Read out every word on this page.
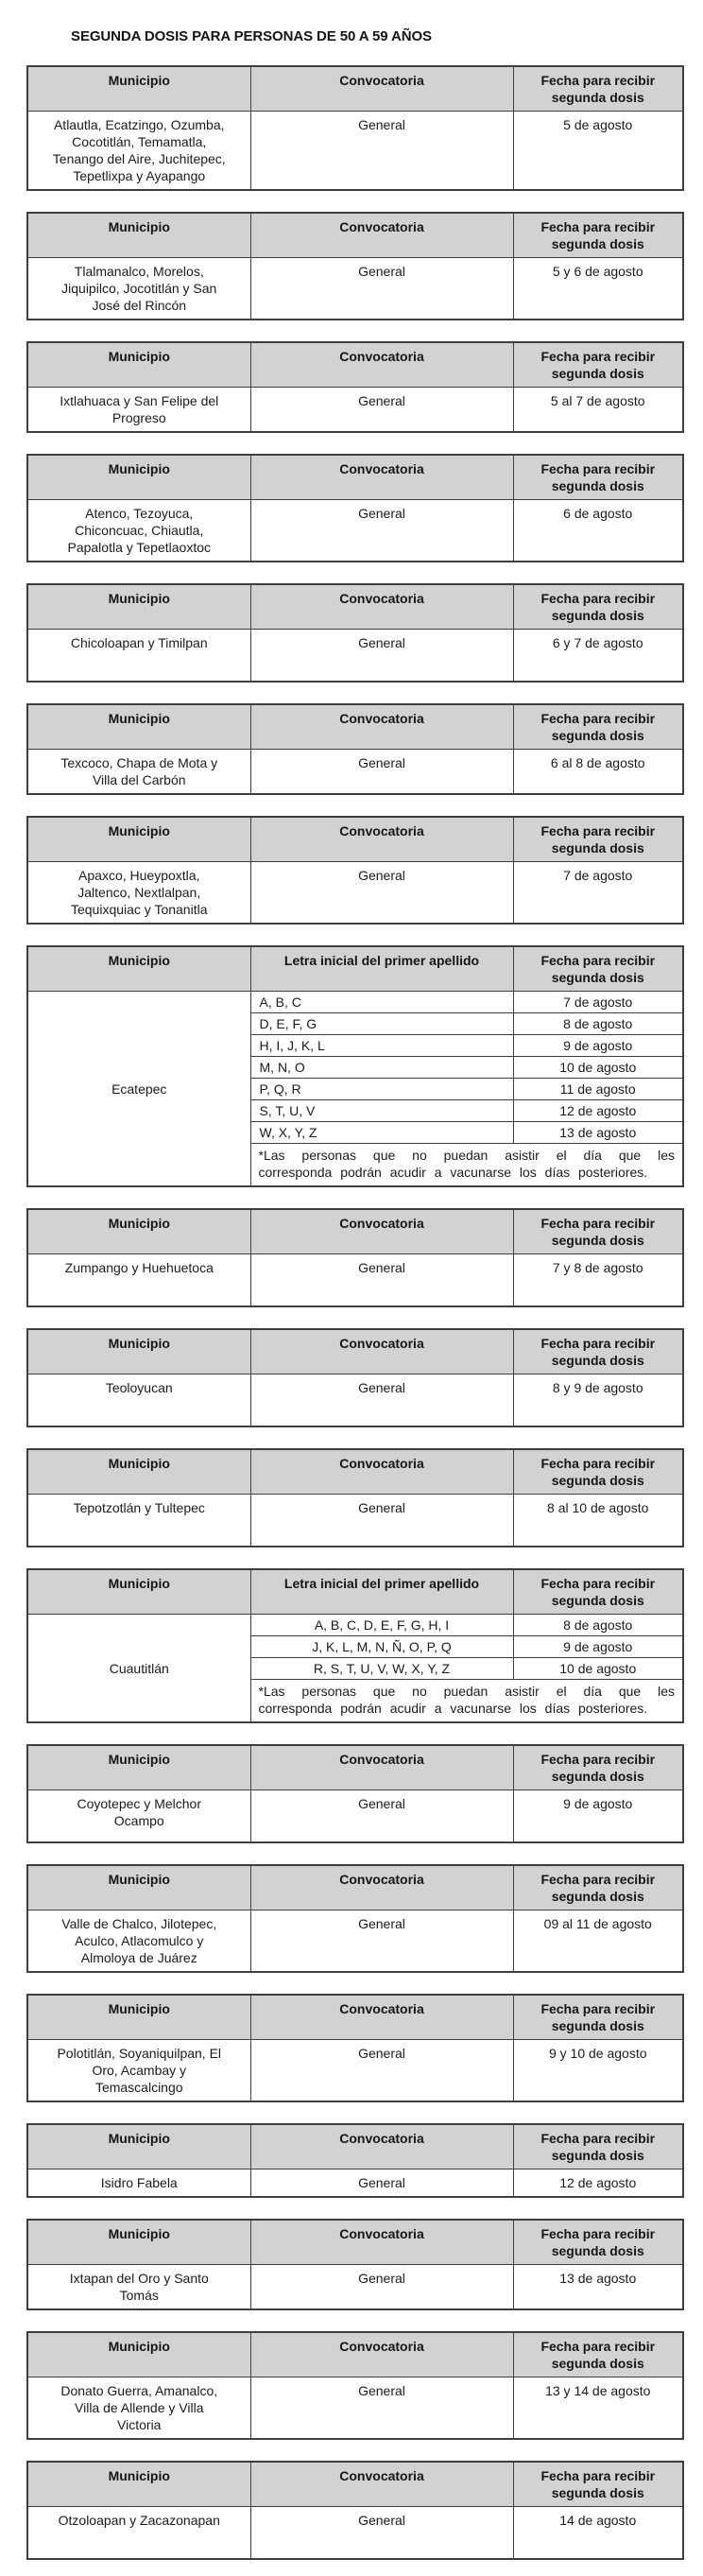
SEGUNDA DOSIS PARA PERSONAS DE 50 A 59 AÑOS
Municipio	Convocatoria	Fecha para recibir segunda dosis
Atlautla, Ecatzingo, Ozumba, Cocotitlán, Temamatla, Tenango del Aire, Juchitepec, Tepetlixpa y Ayapango	General	5 de agosto
Municipio	Convocatoria	Fecha para recibir segunda dosis
Tlalmanalco, Morelos, Jiquipilco, Jocotitlán y San José del Rincón	General	5 y 6 de agosto
Municipio	Convocatoria	Fecha para recibir segunda dosis
Ixtlahuaca y San Felipe del Progreso	General	5 al 7 de agosto
Municipio	Convocatoria	Fecha para recibir segunda dosis
Atenco, Tezoyuca, Chiconcuac, Chiautla, Papalotla y Tepetlaoxtoc	General	6 de agosto
Municipio	Convocatoria	Fecha para recibir segunda dosis
Chicoloapan y Timilpan	General	6 y 7 de agosto
Municipio	Convocatoria	Fecha para recibir segunda dosis
Texcoco, Chapa de Mota y Villa del Carbón	General	6 al 8 de agosto
Municipio	Convocatoria	Fecha para recibir segunda dosis
Apaxco, Hueypoxtla, Jaltenco, Nextlalpan, Tequixquiac y Tonanitla	General	7 de agosto
Municipio	Letra inicial del primer apellido	Fecha para recibir segunda dosis
Ecatepec	A, B, C	7 de agosto
	D, E, F, G	8 de agosto
	H, I, J, K, L	9 de agosto
	M, N, O	10 de agosto
	P, Q, R	11 de agosto
	S, T, U, V	12 de agosto
	W, X, Y, Z	13 de agosto
	*Las personas que no puedan asistir el día que les corresponda podrán acudir a vacunarse los días posteriores.	
Municipio	Convocatoria	Fecha para recibir segunda dosis
Zumpango y Huehuetoca	General	7 y 8 de agosto
Municipio	Convocatoria	Fecha para recibir segunda dosis
Teoloyucan	General	8 y 9 de agosto
Municipio	Convocatoria	Fecha para recibir segunda dosis
Tepotzotlán y Tultepec	General	8 al 10 de agosto
Municipio	Letra inicial del primer apellido	Fecha para recibir segunda dosis
Cuautitlán	A, B, C, D, E, F, G, H, I	8 de agosto
	J, K, L, M, N, Ñ, O, P, Q	9 de agosto
	R, S, T, U, V, W, X, Y, Z	10 de agosto
	*Las personas que no puedan asistir el día que les corresponda podrán acudir a vacunarse los días posteriores.	
Municipio	Convocatoria	Fecha para recibir segunda dosis
Coyotepec y Melchor Ocampo	General	9 de agosto
Municipio	Convocatoria	Fecha para recibir segunda dosis
Valle de Chalco, Jilotepec, Aculco, Atlacomulco y Almoloya de Juárez	General	09 al 11 de agosto
Municipio	Convocatoria	Fecha para recibir segunda dosis
Polotitlán, Soyaniquilpan, El Oro, Acambay y Temascalcingo	General	9 y 10 de agosto
Municipio	Convocatoria	Fecha para recibir segunda dosis
Isidro Fabela	General	12 de agosto
Municipio	Convocatoria	Fecha para recibir segunda dosis
Ixtapan del Oro y Santo Tomás	General	13 de agosto
Municipio	Convocatoria	Fecha para recibir segunda dosis
Donato Guerra, Amanalco, Villa de Allende y Villa Victoria	General	13 y 14 de agosto
Municipio	Convocatoria	Fecha para recibir segunda dosis
Otzoloapan y Zacazonapan	General	14 de agosto
